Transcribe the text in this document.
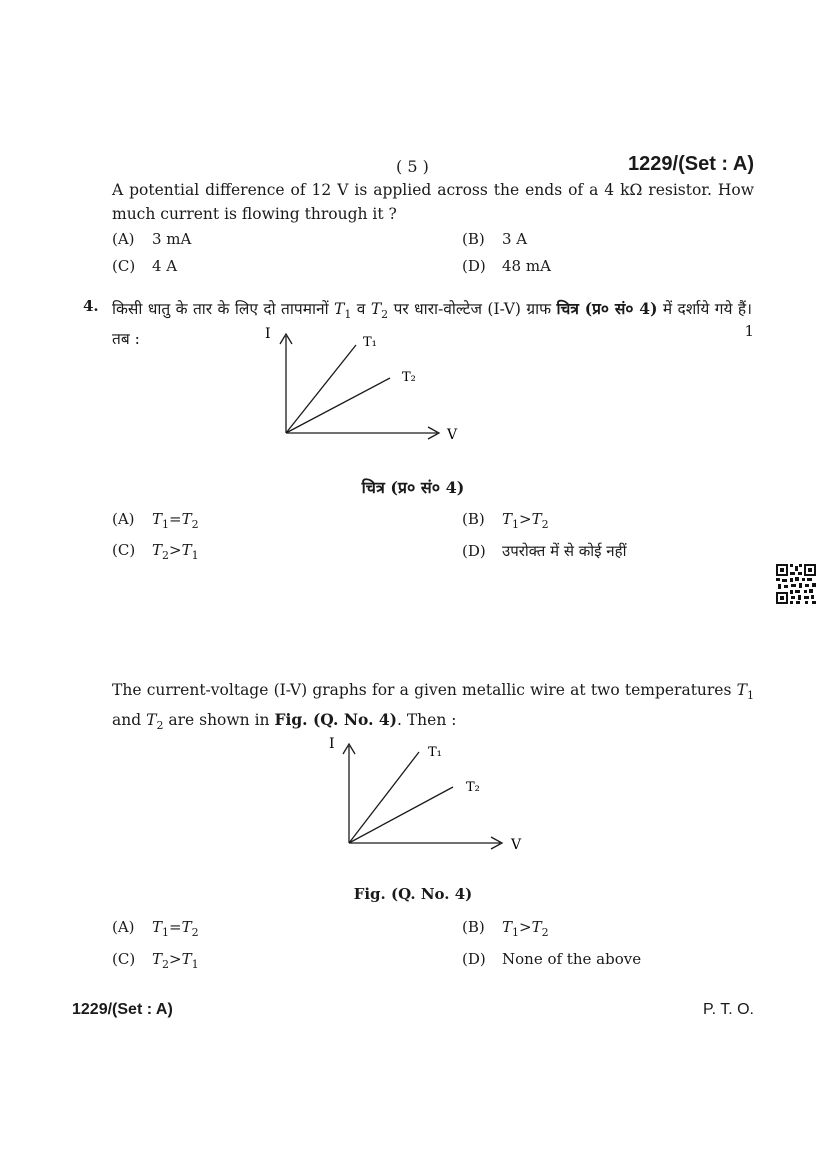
( 5 )	1229/(Set : A)
A potential difference of 12 V is applied across the ends of a 4 kΩ resistor. How much current is flowing through it ?
(A) 3 mA	(B) 3 A
(C) 4 A	(D) 48 mA
4. किसी धातु के तार के लिए दो तापमानों $T_1$ व $T_2$ पर धारा-वोल्टेज (I-V) ग्राफ चित्र (प्र० सं० 4) में दर्शाये गये हैं। तब :	1
I
V
T₁
T₂
चित्र (प्र० सं० 4)
(A) $T_1=T_2$	(B) $T_1>T_2$
(C) $T_2>T_1$	(D) उपरोक्त में से कोई नहीं
The current-voltage (I-V) graphs for a given metallic wire at two temperatures $T_1$ and $T_2$ are shown in Fig. (Q. No. 4). Then :
I
V
T₁
T₂
Fig. (Q. No. 4)
(A) $T_1=T_2$	(B) $T_1>T_2$
(C) $T_2>T_1$	(D) None of the above
1229/(Set : A)	P. T. O.
